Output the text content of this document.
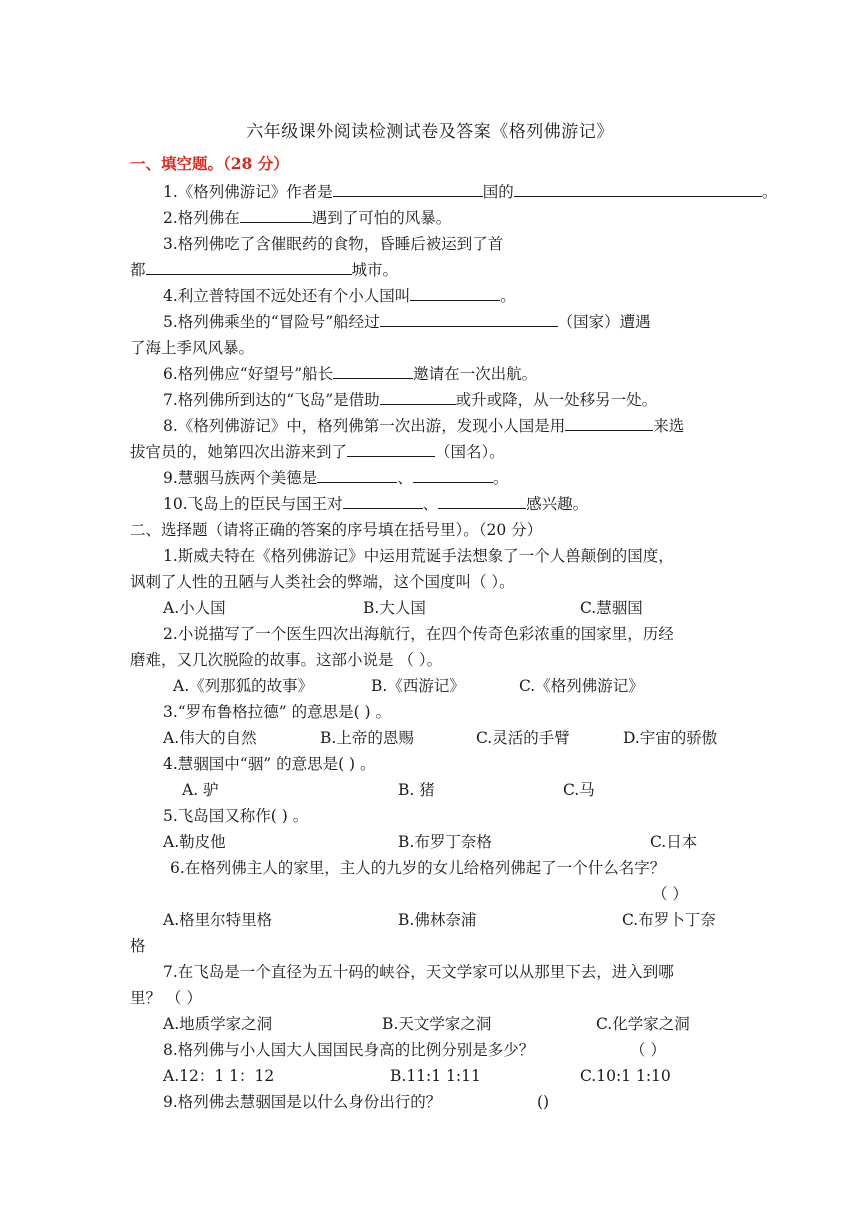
六年级课外阅读检测试卷及答案《格列佛游记》
一、填空题。（28 分）
1.《格列佛游记》作者是	国的	。
2.格列佛在	遇到了可怕的风暴。
3.格列佛吃了含催眠药的食物，昏睡后被运到了首
都	城市。
4.利立普特国不远处还有个小人国叫	。
5.格列佛乘坐的“冒险号”船经过	（国家）遭遇
了海上季风风暴。
6.格列佛应“好望号”船长	邀请在一次出航。
7.格列佛所到达的“飞岛”是借助	或升或降，从一处移另一处。
8.《格列佛游记》中，格列佛第一次出游，发现小人国是用	来选
拔官员的，她第四次出游来到了	（国名）。
9.慧骃马族两个美德是	、	。
10.飞岛上的臣民与国王对	、	感兴趣。
二、选择题（请将正确的答案的序号填在括号里）。（20 分）
1.斯威夫特在《格列佛游记》中运用荒诞手法想象了一个人兽颠倒的国度，
讽刺了人性的丑陋与人类社会的弊端，这个国度叫（ ）。
A.小人国	B.大人国	C.慧骃国
2.小说描写了一个医生四次出海航行，在四个传奇色彩浓重的国家里，历经
磨难，又几次脱险的故事。这部小说是 （ ）。
A.《列那狐的故事》	B.《西游记》	C.《格列佛游记》
3.“罗布鲁格拉德” 的意思是( ) 。
A.伟大的自然	B.上帝的恩赐	C.灵活的手臂	D.宇宙的骄傲
4.慧骃国中“骃” 的意思是( ) 。
A. 驴	B. 猪	C.马
5.飞岛国又称作( ) 。
A.勒皮他	B.布罗丁奈格	C.日本
6.在格列佛主人的家里，主人的九岁的女儿给格列佛起了一个什么名字？
（ ）
A.格里尔特里格	B.佛林奈浦	C.布罗卜丁奈
格
7.在飞岛是一个直径为五十码的峡谷，天文学家可以从那里下去，进入到哪
里？ （ ）
A.地质学家之洞	B.天文学家之洞	C.化学家之洞
8.格列佛与小人国大人国国民身高的比例分别是多少？	（ ）
A.12：1 1：12	B.11:1 1:11	C.10:1 1:10
9.格列佛去慧骃国是以什么身份出行的？	()
